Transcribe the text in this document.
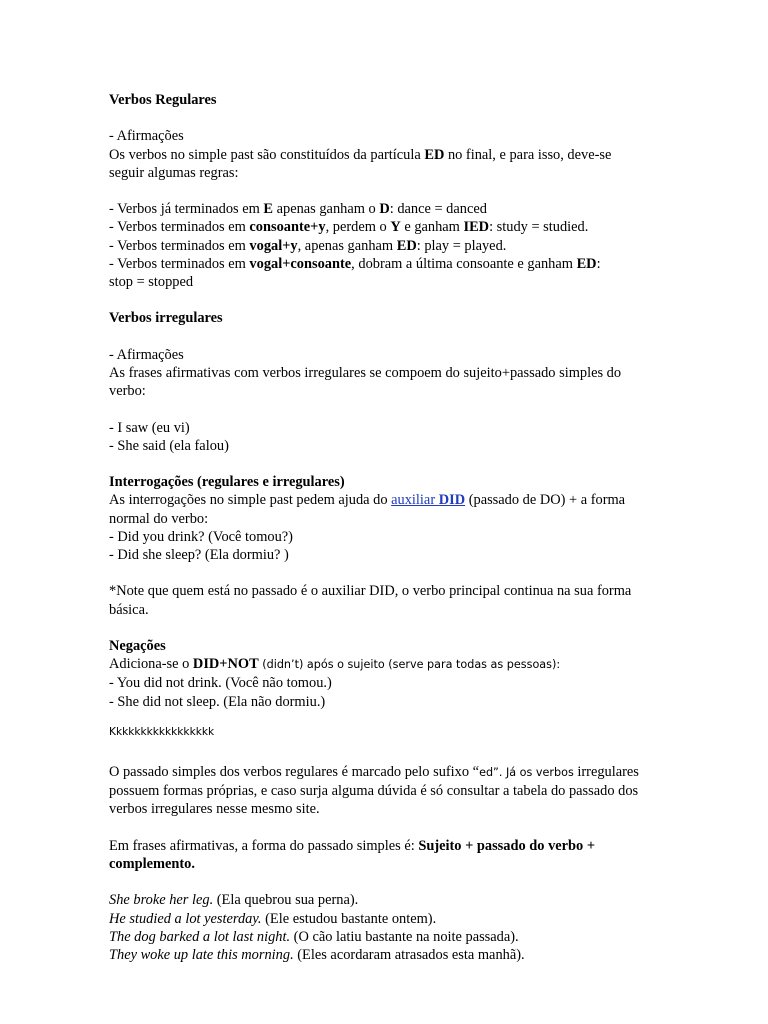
Verbos Regulares
- Afirmações
Os verbos no simple past são constituídos da partícula ED no final, e para isso, deve-se seguir algumas regras:
- Verbos já terminados em E apenas ganham o D: dance = danced
- Verbos terminados em consoante+y, perdem o Y e ganham IED: study = studied.
- Verbos terminados em vogal+y, apenas ganham ED: play = played.
- Verbos terminados em vogal+consoante, dobram a última consoante e ganham ED:
stop = stopped
Verbos irregulares
- Afirmações
As frases afirmativas com verbos irregulares se compoem do sujeito+passado simples do verbo:
- I saw (eu vi)
- She said (ela falou)
Interrogações (regulares e irregulares)
As interrogações no simple past pedem ajuda do auxiliar DID (passado de DO) + a forma normal do verbo:
- Did you drink? (Você tomou?)
- Did she sleep? (Ela dormiu? )
*Note que quem está no passado é o auxiliar DID, o verbo principal continua na sua forma básica.
Negações
Adiciona-se o DID+NOT (didn’t) após o sujeito (serve para todas as pessoas):
- You did not drink. (Você não tomou.)
- She did not sleep. (Ela não dormiu.)
Kkkkkkkkkkkkkkkkk
O passado simples dos verbos regulares é marcado pelo sufixo “ed”. Já os verbos irregulares possuem formas próprias, e caso surja alguma dúvida é só consultar a tabela do passado dos verbos irregulares nesse mesmo site.
Em frases afirmativas, a forma do passado simples é: Sujeito + passado do verbo + complemento.
She broke her leg. (Ela quebrou sua perna).
He studied a lot yesterday. (Ele estudou bastante ontem).
The dog barked a lot last night. (O cão latiu bastante na noite passada).
They woke up late this morning. (Eles acordaram atrasados esta manhã).
